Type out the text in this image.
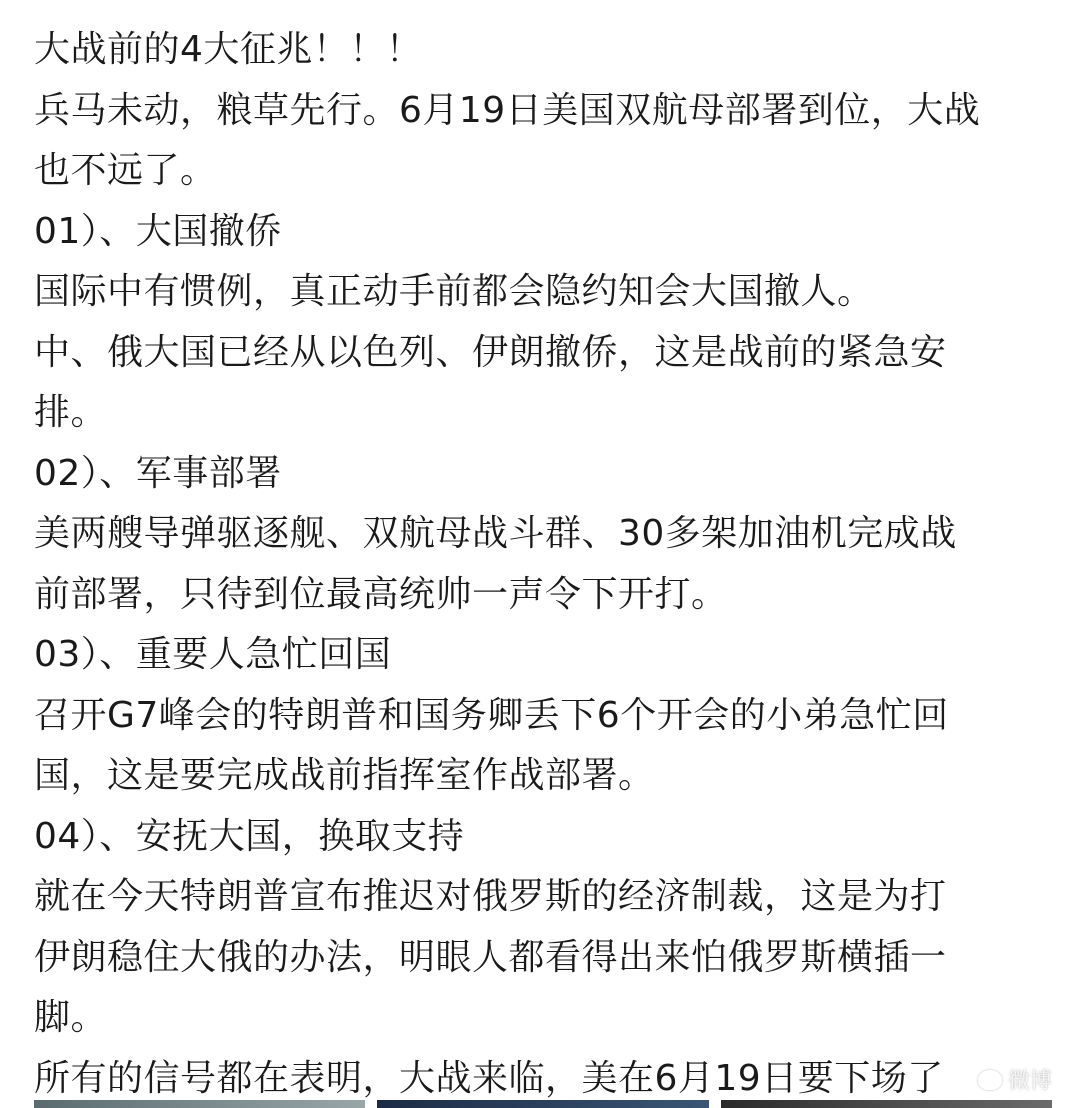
大战前的4大征兆！！！
兵马未动，粮草先行。6月19日美国双航母部署到位，大战
也不远了。
01）、大国撤侨
国际中有惯例，真正动手前都会隐约知会大国撤人。
中、俄大国已经从以色列、伊朗撤侨，这是战前的紧急安
排。
02）、军事部署
美两艘导弹驱逐舰、双航母战斗群、30多架加油机完成战
前部署，只待到位最高统帅一声令下开打。
03）、重要人急忙回国
召开G7峰会的特朗普和国务卿丢下6个开会的小弟急忙回
国，这是要完成战前指挥室作战部署。
04）、安抚大国，换取支持
就在今天特朗普宣布推迟对俄罗斯的经济制裁，这是为打
伊朗稳住大俄的办法，明眼人都看得出来怕俄罗斯横插一
脚。
所有的信号都在表明，大战来临，美在6月19日要下场了	微博
